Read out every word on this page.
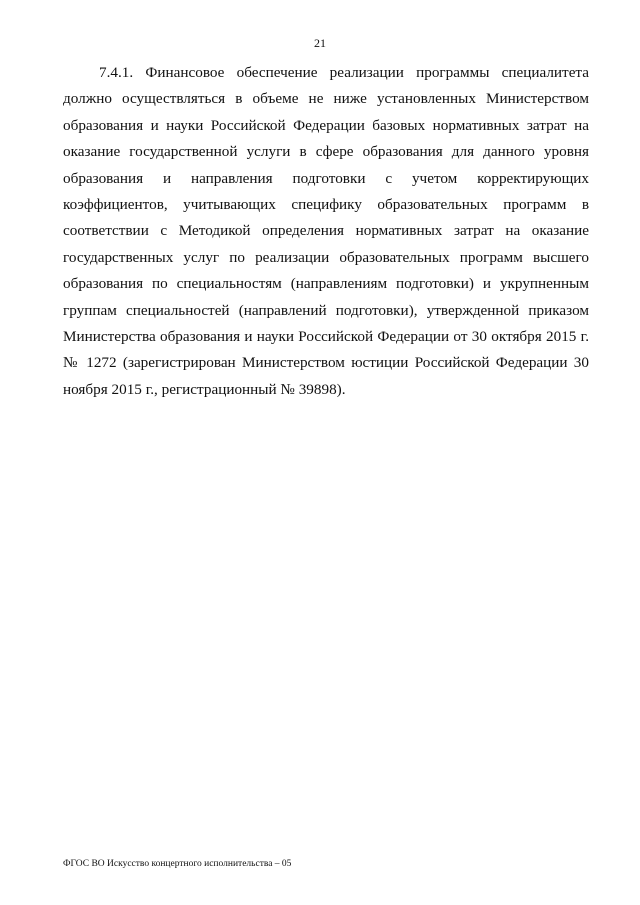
21

7.4.1. Финансовое обеспечение реализации программы специалитета должно осуществляться в объеме не ниже установленных Министерством образования и науки Российской Федерации базовых нормативных затрат на оказание государственной услуги в сфере образования для данного уровня образования и направления подготовки с учетом корректирующих коэффициентов, учитывающих специфику образовательных программ в соответствии с Методикой определения нормативных затрат на оказание государственных услуг по реализации образовательных программ высшего образования по специальностям (направлениям подготовки) и укрупненным группам специальностей (направлений подготовки), утвержденной приказом Министерства образования и науки Российской Федерации от 30 октября 2015 г. № 1272 (зарегистрирован Министерством юстиции Российской Федерации 30 ноября 2015 г., регистрационный № 39898).

ФГОС ВО Искусство концертного исполнительства – 05
